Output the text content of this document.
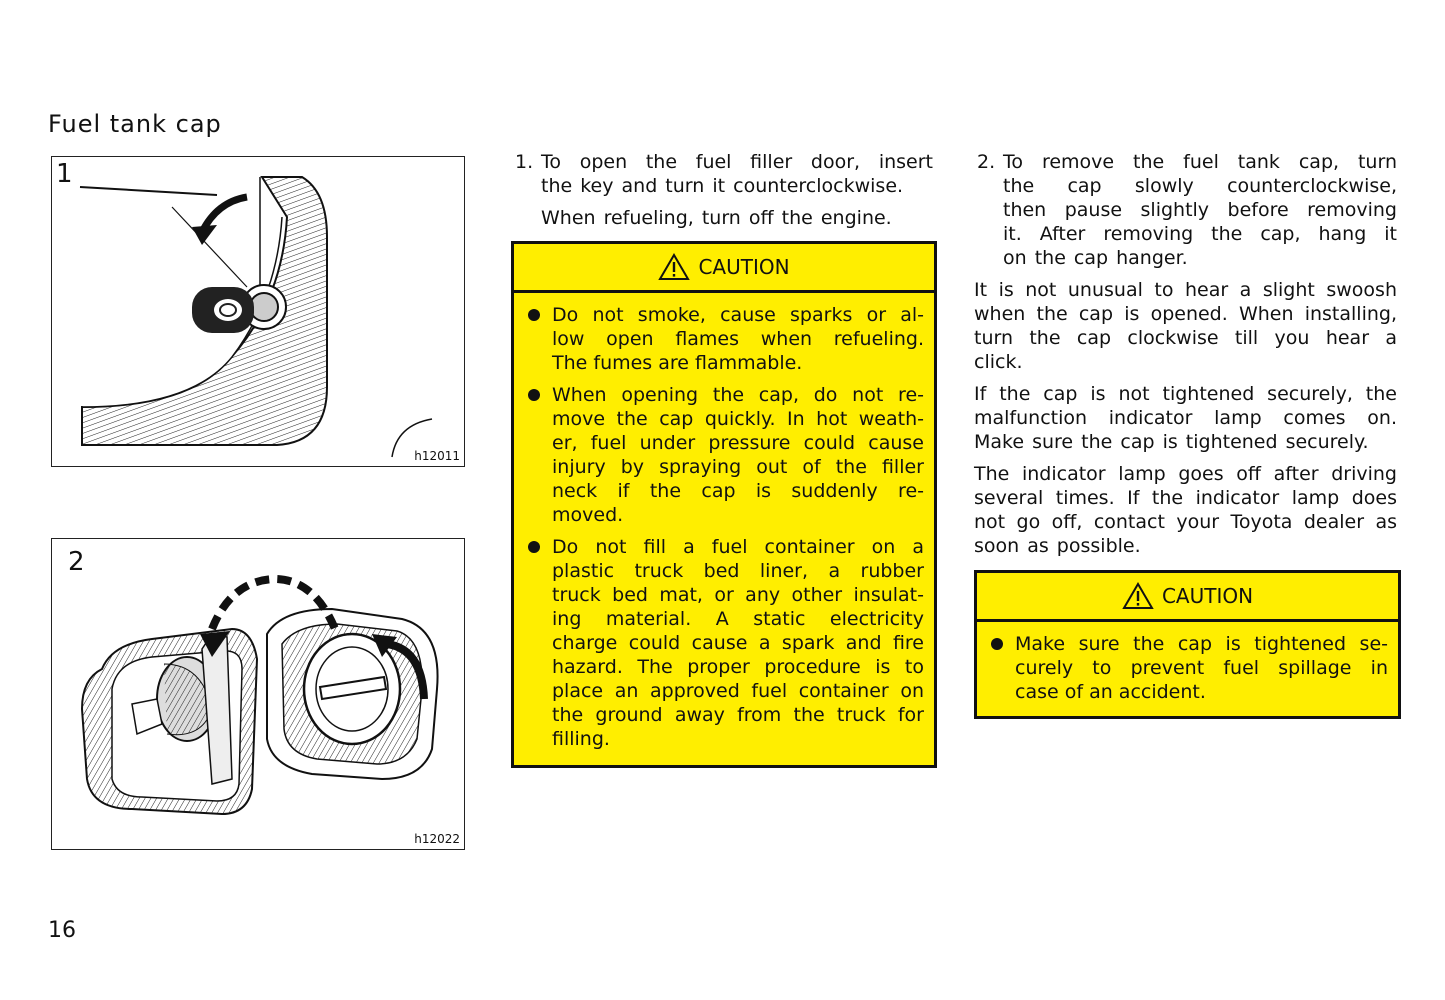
Fuel tank cap
1
h12011
2
h12022
1. To open the fuel filler door, insert
the key and turn it counterclockwise.
When refueling, turn off the engine.
CAUTION
Do not smoke, cause sparks or al-
low open flames when refueling.
The fumes are flammable.
When opening the cap, do not re-
move the cap quickly. In hot weath-
er, fuel under pressure could cause
injury by spraying out of the filler
neck if the cap is suddenly re-
moved.
Do not fill a fuel container on a
plastic truck bed liner, a rubber
truck bed mat, or any other insulat-
ing material. A static electricity
charge could cause a spark and fire
hazard. The proper procedure is to
place an approved fuel container on
the ground away from the truck for
filling.
2. To remove the fuel tank cap, turn
the cap slowly counterclockwise,
then pause slightly before removing
it. After removing the cap, hang it
on the cap hanger.
It is not unusual to hear a slight swoosh
when the cap is opened. When installing,
turn the cap clockwise till you hear a
click.
If the cap is not tightened securely, the
malfunction indicator lamp comes on.
Make sure the cap is tightened securely.
The indicator lamp goes off after driving
several times. If the indicator lamp does
not go off, contact your Toyota dealer as
soon as possible.
CAUTION
Make sure the cap is tightened se-
curely to prevent fuel spillage in
case of an accident.
16
